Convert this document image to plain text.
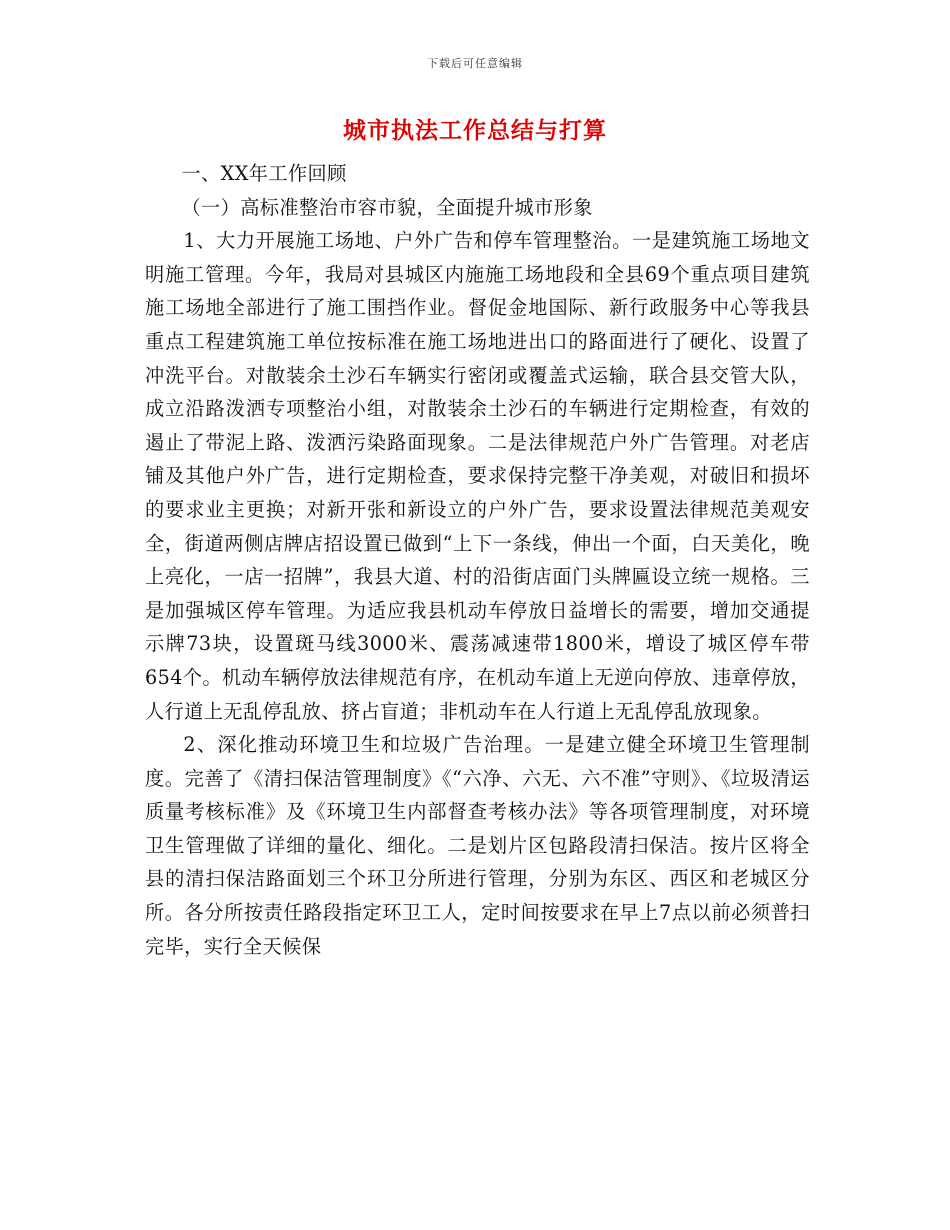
下载后可任意编辑
城市执法工作总结与打算

一、XX年工作回顾

（一）高标准整治市容市貌，全面提升城市形象

1、大力开展施工场地、户外广告和停车管理整治。一是建筑施工场地文明施工管理。今年，我局对县城区内施施工场地段和全县69个重点项目建筑施工场地全部进行了施工围挡作业。督促金地国际、新行政服务中心等我县重点工程建筑施工单位按标准在施工场地进出口的路面进行了硬化、设置了冲洗平台。对散装余土沙石车辆实行密闭或覆盖式运输，联合县交管大队，成立沿路泼洒专项整治小组，对散装余土沙石的车辆进行定期检查，有效的遏止了带泥上路、泼洒污染路面现象。二是法律规范户外广告管理。对老店铺及其他户外广告，进行定期检查，要求保持完整干净美观，对破旧和损坏的要求业主更换；对新开张和新设立的户外广告，要求设置法律规范美观安全，街道两侧店牌店招设置已做到“上下一条线，伸出一个面，白天美化，晚上亮化，一店一招牌”，我县大道、村的沿街店面门头牌匾设立统一规格。三是加强城区停车管理。为适应我县机动车停放日益增长的需要，增加交通提示牌73块，设置斑马线3000米、震荡减速带1800米，增设了城区停车带654个。机动车辆停放法律规范有序，在机动车道上无逆向停放、违章停放，人行道上无乱停乱放、挤占盲道；非机动车在人行道上无乱停乱放现象。

2、深化推动环境卫生和垃圾广告治理。一是建立健全环境卫生管理制度。完善了《清扫保洁管理制度》《“六净、六无、六不准”守则》、《垃圾清运质量考核标准》及《环境卫生内部督查考核办法》等各项管理制度，对环境卫生管理做了详细的量化、细化。二是划片区包路段清扫保洁。按片区将全县的清扫保洁路面划三个环卫分所进行管理，分别为东区、西区和老城区分所。各分所按责任路段指定环卫工人，定时间按要求在早上7点以前必须普扫完毕，实行全天候保
